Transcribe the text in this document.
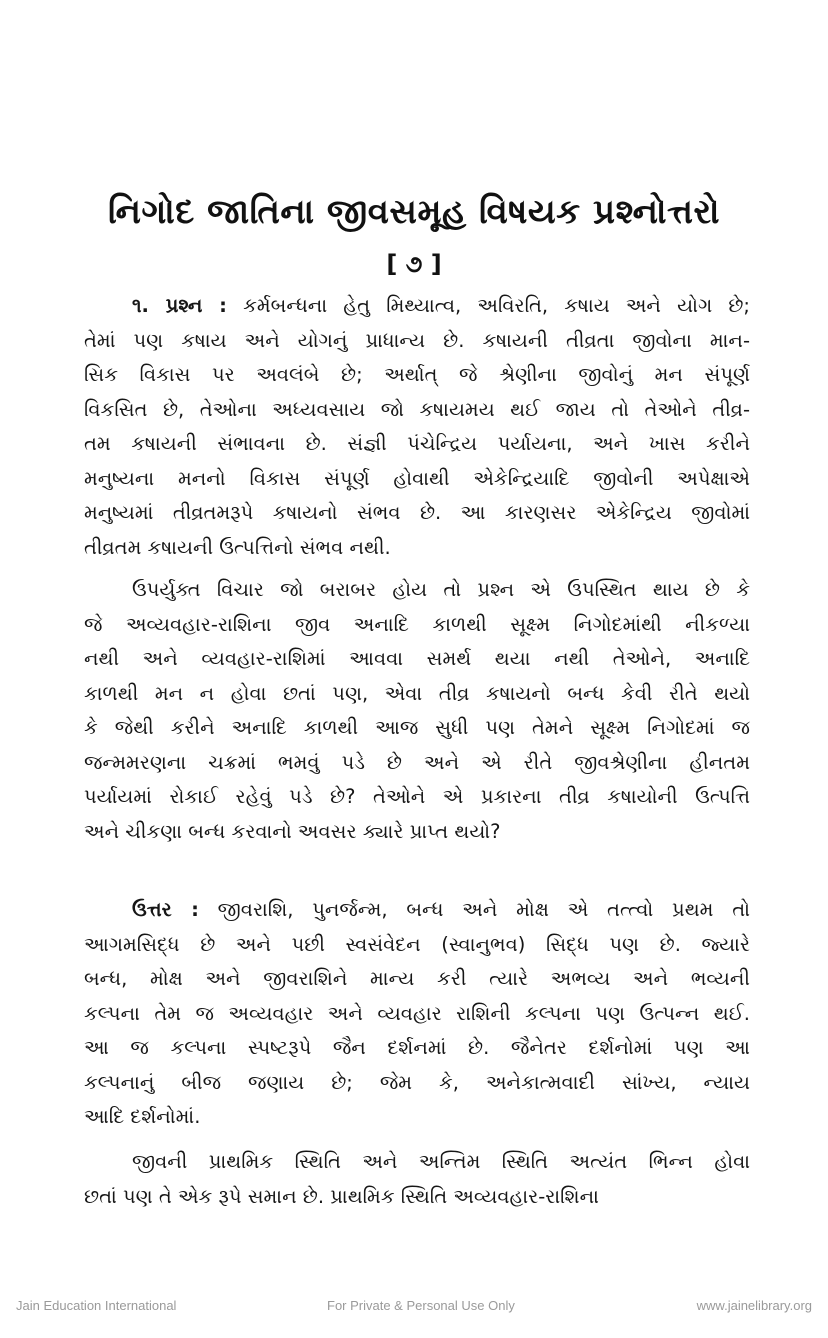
નિગોદ જાતિના જીવસમૂહ વિષયક પ્રશ્નોત્તરો
[ ૭ ]

૧. પ્રશ્ન : કર્મબન્ધના હેતુ મિથ્યાત્વ, અવિરતિ, કષાય અને યોગ છે;
તેમાં પણ કષાય અને યોગનું પ્રાધાન્ય છે. કષાયની તીવ્રતા જીવોના માન-
સિક વિકાસ પર અવલંબે છે; અર્થાત્ જે શ્રેણીના જીવોનું મન સંપૂર્ણ
વિકસિત છે, તેઓના અધ્યવસાય જો કષાયમય થઈ જાય તો તેઓને તીવ્ર-
તમ કષાયની સંભાવના છે. સંજ્ઞી પંચેન્દ્રિય પર્યાયના, અને ખાસ કરીને
મનુષ્યના મનનો વિકાસ સંપૂર્ણ હોવાથી એકેન્દ્રિયાદિ જીવોની અપેક્ષાએ
મનુષ્યમાં તીવ્રતમરૂપે કષાયનો સંભવ છે. આ કારણસર એકેન્દ્રિય જીવોમાં
તીવ્રતમ કષાયની ઉત્પત્તિનો સંભવ નથી.

ઉપર્યુક્ત વિચાર જો બરાબર હોય તો પ્રશ્ન એ ઉપસ્થિત થાય છે કે
જે અવ્યવહાર-રાશિના જીવ અનાદિ કાળથી સૂક્ષ્મ નિગોદમાંથી નીકળ્યા
નથી અને વ્યવહાર-રાશિમાં આવવા સમર્થ થયા નથી તેઓને, અનાદિ
કાળથી મન ન હોવા છતાં પણ, એવા તીવ્ર કષાયનો બન્ધ કેવી રીતે થયો
કે જેથી કરીને અનાદિ કાળથી આજ સુધી પણ તેમને સૂક્ષ્મ નિગોદમાં જ
જન્મમરણના ચક્રમાં ભમવું પડે છે અને એ રીતે જીવશ્રેણીના હીનતમ
પર્યાયમાં રોકાઈ રહેવું પડે છે? તેઓને એ પ્રકારના તીવ્ર કષાયોની ઉત્પત્તિ
અને ચીકણા બન્ધ કરવાનો અવસર ક્યારે પ્રાપ્ત થયો?

ઉત્તર : જીવરાશિ, પુનર્જન્મ, બન્ધ અને મોક્ષ એ તત્ત્વો પ્રથમ તો
આગમસિદ્ધ છે અને પછી સ્વસંવેદન (સ્વાનુભવ) સિદ્ધ પણ છે. જ્યારે
બન્ધ, મોક્ષ અને જીવરાશિને માન્ય કરી ત્યારે અભવ્ય અને ભવ્યની
કલ્પના તેમ જ અવ્યવહાર અને વ્યવહાર રાશિની કલ્પના પણ ઉત્પન્ન થઈ.
આ જ કલ્પના સ્પષ્ટરૂપે જૈન દર્શનમાં છે. જૈનેતર દર્શનોમાં પણ આ
કલ્પનાનું બીજ જણાય છે; જેમ કે, અનેકાત્મવાદી સાંખ્ય, ન્યાય
આદિ દર્શનોમાં.

જીવની પ્રાથમિક સ્થિતિ અને અન્તિમ સ્થિતિ અત્યંત ભિન્ન હોવા
છતાં પણ તે એક રૂપે સમાન છે. પ્રાથમિક સ્થિતિ અવ્યવહાર-રાશિના

Jain Education International	For Private & Personal Use Only	www.jainelibrary.org
